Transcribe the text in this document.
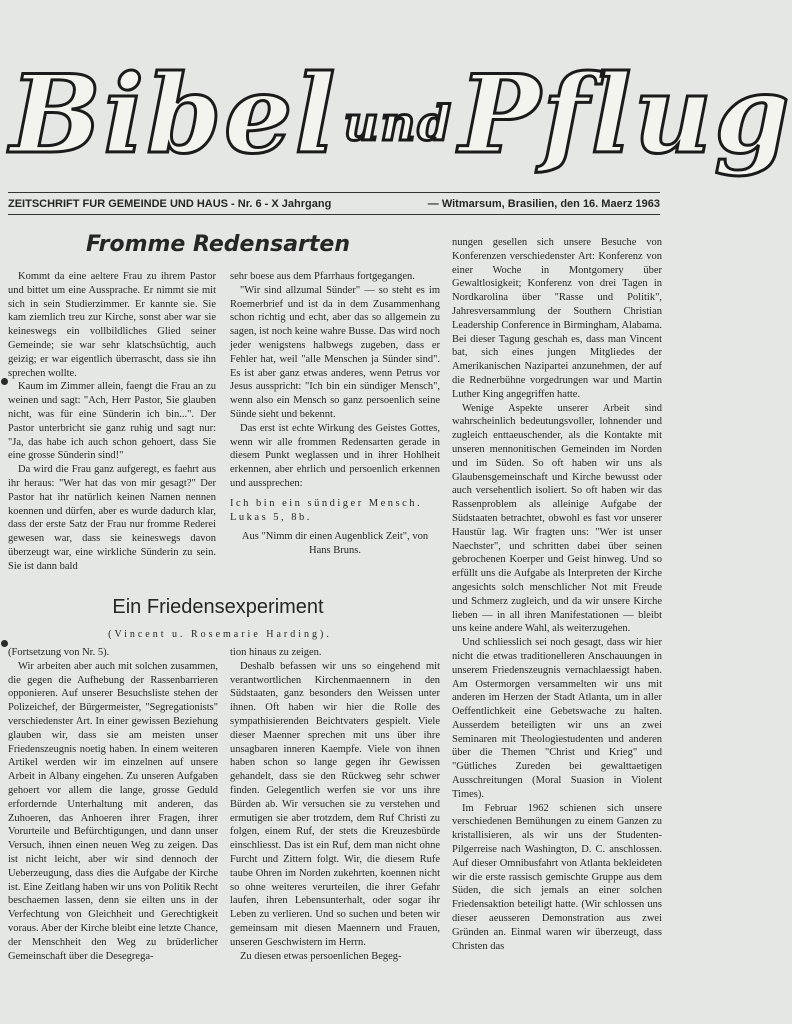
Bibel undPflug
ZEITSCHRIFT FUR GEMEINDE UND HAUS - Nr. 6 - X Jahrgang	— Witmarsum, Brasilien, den 16. Maerz 1963
Fromme Redensarten

Kommt da eine aeltere Frau zu ihrem Pastor und bittet um eine Aussprache. Er nimmt sie mit sich in sein Studierzimmer. Er kannte sie. Sie kam ziemlich treu zur Kirche, sonst aber war sie keineswegs ein vollbildliches Glied seiner Gemeinde; sie war sehr klatschsüchtig, auch geizig; er war eigentlich überrascht, dass sie ihn sprechen wollte.

Kaum im Zimmer allein, faengt die Frau an zu weinen und sagt: "Ach, Herr Pastor, Sie glauben nicht, was für eine Sünderin ich bin...". Der Pastor unterbricht sie ganz ruhig und sagt nur: "Ja, das habe ich auch schon gehoert, dass Sie eine grosse Sünderin sind!"

Da wird die Frau ganz aufgeregt, es faehrt aus ihr heraus: "Wer hat das von mir gesagt?" Der Pastor hat ihr natürlich keinen Namen nennen koennen und dürfen, aber es wurde dadurch klar, dass der erste Satz der Frau nur fromme Rederei gewesen war, dass sie keineswegs davon überzeugt war, eine wirkliche Sünderin zu sein. Sie ist dann bald

sehr boese aus dem Pfarrhaus fortgegangen.

"Wir sind allzumal Sünder" — so steht es im Roemerbrief und ist da in dem Zusammenhang schon richtig und echt, aber das so allgemein zu sagen, ist noch keine wahre Busse. Das wird noch jeder wenigstens halbwegs zugeben, dass er Fehler hat, weil "alle Menschen ja Sünder sind". Es ist aber ganz etwas anderes, wenn Petrus vor Jesus ausspricht: "Ich bin ein sündiger Mensch", wenn also ein Mensch so ganz persoenlich seine Sünde sieht und bekennt.

Das erst ist echte Wirkung des Geistes Gottes, wenn wir alle frommen Redensarten gerade in diesem Punkt weglassen und in ihrer Hohlheit erkennen, aber ehrlich und persoenlich erkennen und aussprechen:

Ich bin ein sündiger Mensch. Lukas 5, 8b.

Aus "Nimm dir einen Augenblick Zeit", von Hans Bruns.

Ein Friedensexperiment
(Vincent u. Rosemarie Harding).

(Fortsetzung von Nr. 5).

Wir arbeiten aber auch mit solchen zusammen, die gegen die Aufhebung der Rassenbarrieren opponieren. Auf unserer Besuchsliste stehen der Polizeichef, der Bürgermeister, "Segregationists" verschiedenster Art. In einer gewissen Beziehung glauben wir, dass sie am meisten unser Friedenszeugnis noetig haben. In einem weiteren Artikel werden wir im einzelnen auf unsere Arbeit in Albany eingehen. Zu unseren Aufgaben gehoert vor allem die lange, grosse Geduld erfordernde Unterhaltung mit anderen, das Zuhoeren, das Anhoeren ihrer Fragen, ihrer Vorurteile und Befürchtigungen, und dann unser Versuch, ihnen einen neuen Weg zu zeigen. Das ist nicht leicht, aber wir sind dennoch der Ueberzeugung, dass dies die Aufgabe der Kirche ist. Eine Zeitlang haben wir uns von Politik Recht beschaemen lassen, denn sie eilten uns in der Verfechtung von Gleichheit und Gerechtigkeit voraus. Aber der Kirche bleibt eine letzte Chance, der Menschheit den Weg zu brüderlicher Gemeinschaft über die Desegrega-

tion hinaus zu zeigen.

Deshalb befassen wir uns so eingehend mit verantwortlichen Kirchenmaennern in den Südstaaten, ganz besonders den Weissen unter ihnen. Oft haben wir hier die Rolle des sympathisierenden Beichtvaters gespielt. Viele dieser Maenner sprechen mit uns über ihre unsagbaren inneren Kaempfe. Viele von ihnen haben schon so lange gegen ihr Gewissen gehandelt, dass sie den Rückweg sehr schwer finden. Gelegentlich werfen sie vor uns ihre Bürden ab. Wir versuchen sie zu verstehen und ermutigen sie aber trotzdem, dem Ruf Christi zu folgen, einem Ruf, der stets die Kreuzesbürde einschliesst. Das ist ein Ruf, dem man nicht ohne Furcht und Zittern folgt. Wir, die diesem Rufe taube Ohren im Norden zukehrten, koennen nicht so ohne weiteres verurteilen, die ihrer Gefahr laufen, ihren Lebensunterhalt, oder sogar ihr Leben zu verlieren. Und so suchen und beten wir gemeinsam mit diesen Maennern und Frauen, unseren Geschwistern im Herrn.

Zu diesen etwas persoenlichen Begeg-

nungen gesellen sich unsere Besuche von Konferenzen verschiedenster Art: Konferenz von einer Woche in Montgomery über Gewaltlosigkeit; Konferenz von drei Tagen in Nordkarolina über "Rasse und Politik", Jahresversammlung der Southern Christian Leadership Conference in Birmingham, Alabama. Bei dieser Tagung geschah es, dass man Vincent bat, sich eines jungen Mitgliedes der Amerikanischen Nazipartei anzunehmen, der auf die Rednerbühne vorgedrungen war und Martin Luther King angegriffen hatte.

Wenige Aspekte unserer Arbeit sind wahrscheinlich bedeutungsvoller, lohnender und zugleich enttaeuschender, als die Kontakte mit unseren mennonitischen Gemeinden im Norden und im Süden. So oft haben wir uns als Glaubensgemeinschaft und Kirche bewusst oder auch versehentlich isoliert. So oft haben wir das Rassenproblem als alleinige Aufgabe der Südstaaten betrachtet, obwohl es fast vor unserer Haustür lag. Wir fragten uns: "Wer ist unser Naechster", und schritten dabei über seinen gebrochenen Koerper und Geist hinweg. Und so erfüllt uns die Aufgabe als Interpreten der Kirche angesichts solch menschlicher Not mit Freude und Schmerz zugleich, und da wir unsere Kirche lieben — in all ihren Manifestationen — bleibt uns keine andere Wahl, als weiterzugehen.

Und schliesslich sei noch gesagt, dass wir hier nicht die etwas traditionelleren Anschauungen in unserem Friedenszeugnis vernachlaessigt haben. Am Ostermorgen versammelten wir uns mit anderen im Herzen der Stadt Atlanta, um in aller Oeffentlichkeit eine Gebetswache zu halten. Ausserdem beteiligten wir uns an zwei Seminaren mit Theologiestudenten und anderen über die Themen "Christ und Krieg" und "Gütliches Zureden bei gewalttaetigen Ausschreitungen (Moral Suasion in Violent Times).

Im Februar 1962 schienen sich unsere verschiedenen Bemühungen zu einem Ganzen zu kristallisieren, als wir uns der Studenten-Pilgerreise nach Washington, D. C. anschlossen. Auf dieser Omnibusfahrt von Atlanta bekleideten wir die erste rassisch gemischte Gruppe aus dem Süden, die sich jemals an einer solchen Friedensaktion beteiligt hatte. (Wir schlossen uns dieser aeusseren Demonstration aus zwei Gründen an. Einmal waren wir überzeugt, dass Christen das
